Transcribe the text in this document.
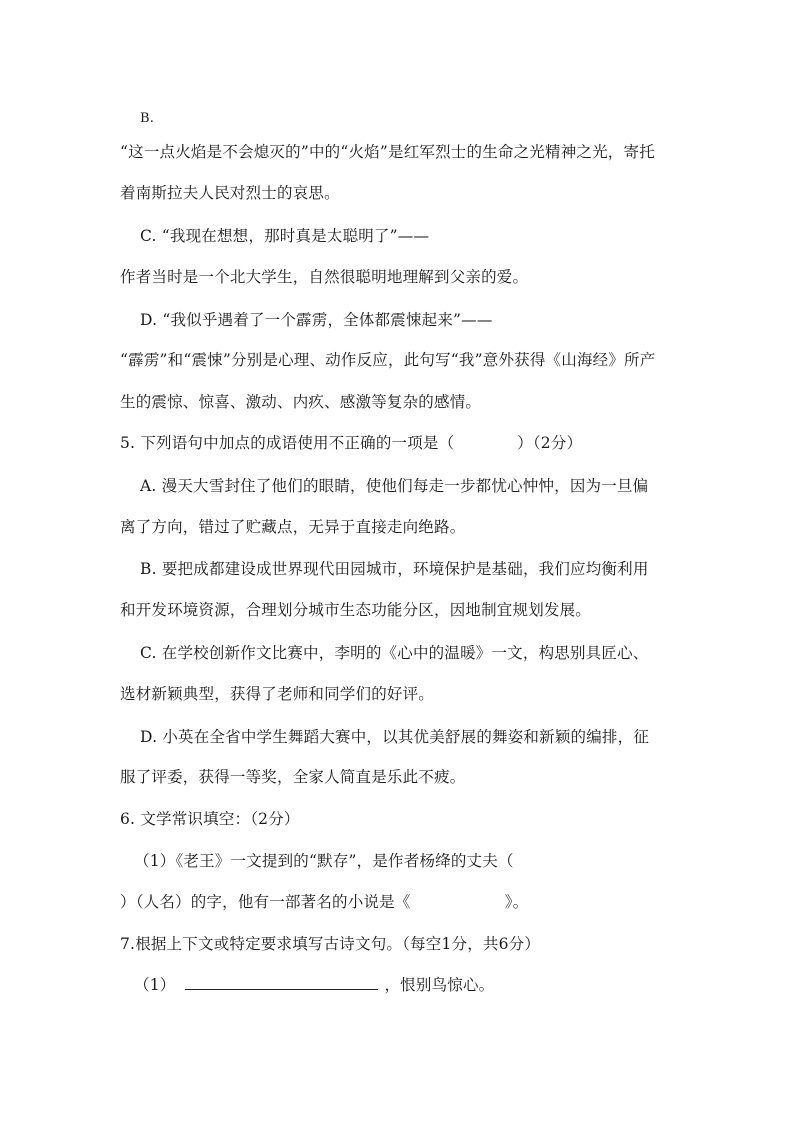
B.
“这一点火焰是不会熄灭的”中的“火焰”是红军烈士的生命之光精神之光，寄托
着南斯拉夫人民对烈士的哀思。
C. “我现在想想，那时真是太聪明了”——
作者当时是一个北大学生，自然很聪明地理解到父亲的爱。
D. “我似乎遇着了一个霹雳，全体都震悚起来”——
“霹雳”和“震悚”分别是心理、动作反应，此句写“我”意外获得《山海经》所产
生的震惊、惊喜、激动、内疚、感激等复杂的感情。
5. 下列语句中加点的成语使用不正确的一项是（　　　　）（2分）
A. 漫天大雪封住了他们的眼睛，使他们每走一步都忧心忡忡，因为一旦偏
离了方向，错过了贮藏点，无异于直接走向绝路。
B. 要把成都建设成世界现代田园城市，环境保护是基础，我们应均衡利用
和开发环境资源，合理划分城市生态功能分区，因地制宜规划发展。
C. 在学校创新作文比赛中，李明的《心中的温暖》一文，构思别具匠心、
选材新颖典型，获得了老师和同学们的好评。
D. 小英在全省中学生舞蹈大赛中，以其优美舒展的舞姿和新颖的编排，征
服了评委，获得一等奖，全家人简直是乐此不疲。
6. 文学常识填空：（2分）
（1）《老王》一文提到的“默存”，是作者杨绛的丈夫（
）（人名）的字，他有一部著名的小说是《　　　　　　》。
7.根据上下文或特定要求填写古诗文句。（每空1分，共6分）
（1）	，恨别鸟惊心。
